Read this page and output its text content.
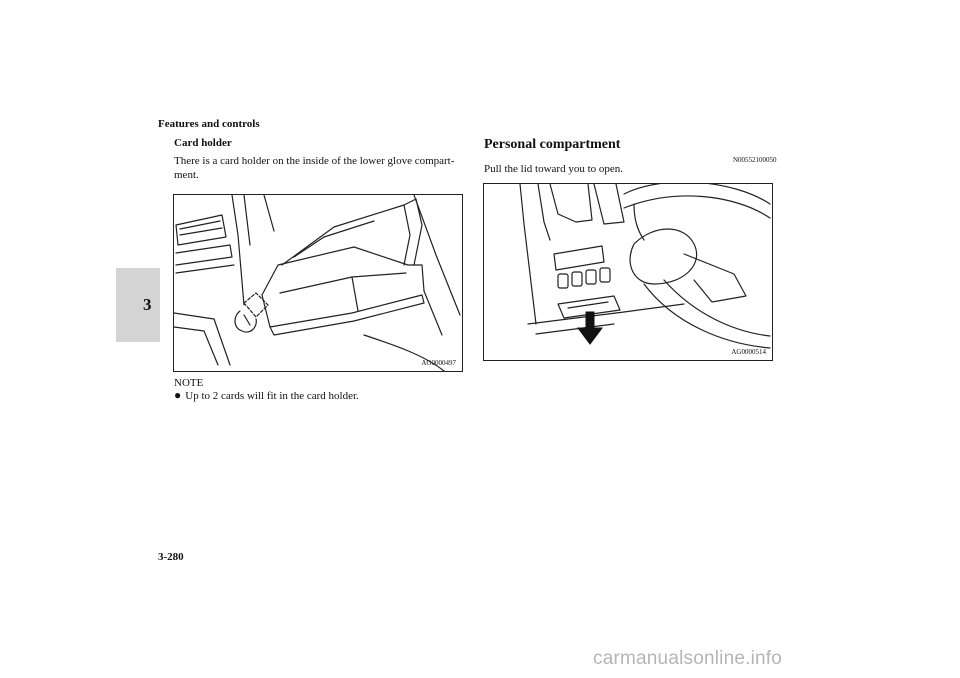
Features and controls
3
Card holder
There is a card holder on the inside of the lower glove compart-ment.
AG0000497
NOTE
● Up to 2 cards will fit in the card holder.
Personal compartment
N00552100050
Pull the lid toward you to open.
AG0000514
3-280
carmanualsonline.info
